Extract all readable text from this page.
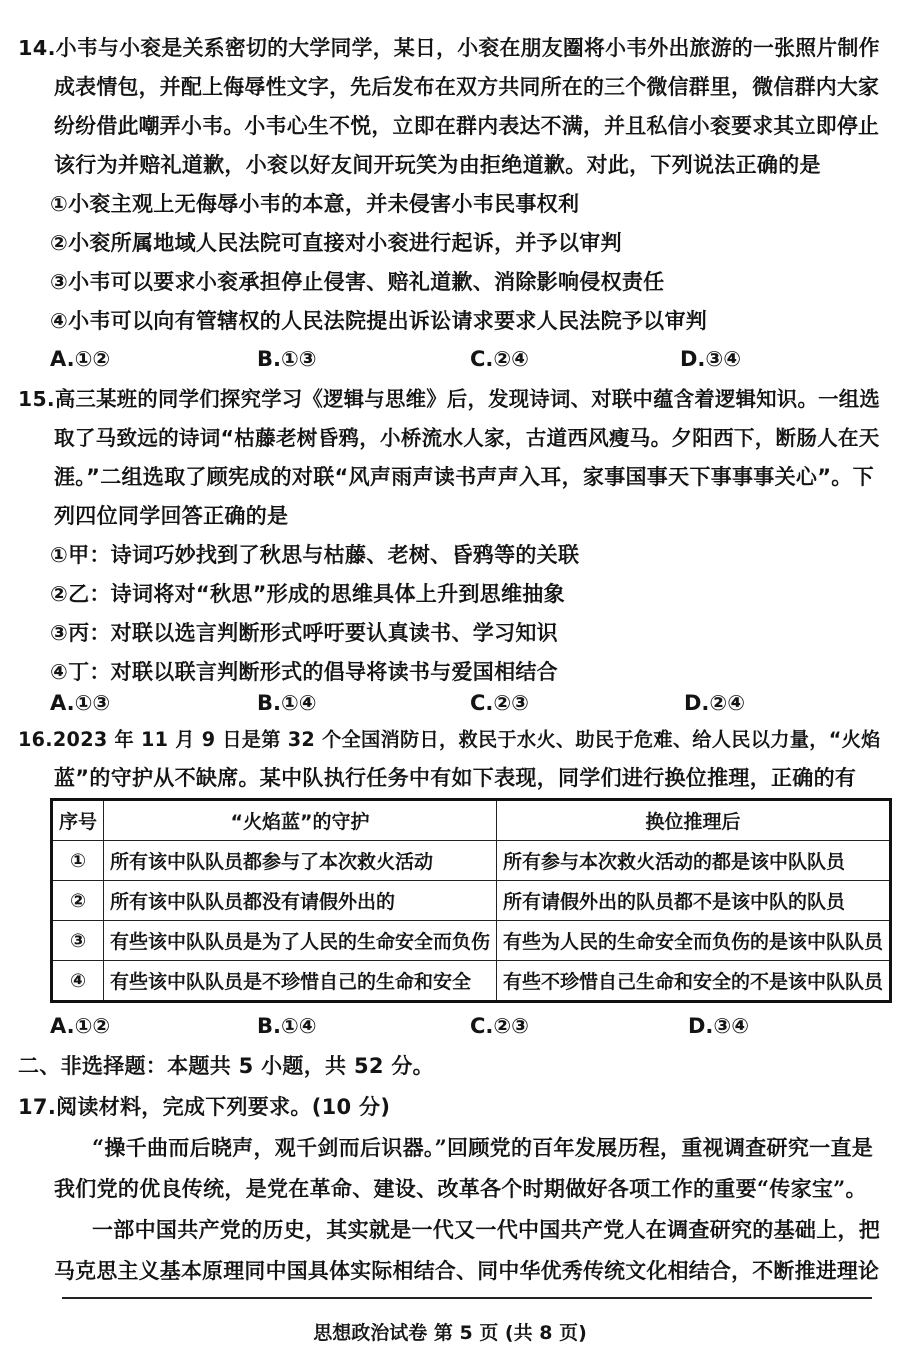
14.小韦与小衮是关系密切的大学同学，某日，小衮在朋友圈将小韦外出旅游的一张照片制作
成表情包，并配上侮辱性文字，先后发布在双方共同所在的三个微信群里，微信群内大家
纷纷借此嘲弄小韦。小韦心生不悦，立即在群内表达不满，并且私信小衮要求其立即停止
该行为并赔礼道歉，小衮以好友间开玩笑为由拒绝道歉。对此，下列说法正确的是
①小衮主观上无侮辱小韦的本意，并未侵害小韦民事权利
②小衮所属地域人民法院可直接对小衮进行起诉，并予以审判
③小韦可以要求小衮承担停止侵害、赔礼道歉、消除影响侵权责任
④小韦可以向有管辖权的人民法院提出诉讼请求要求人民法院予以审判
A.①②	B.①③	C.②④	D.③④
15.高三某班的同学们探究学习《逻辑与思维》后，发现诗词、对联中蕴含着逻辑知识。一组选
取了马致远的诗词“枯藤老树昏鸦，小桥流水人家，古道西风瘦马。夕阳西下，断肠人在天
涯。”二组选取了顾宪成的对联“风声雨声读书声声入耳，家事国事天下事事事关心”。下
列四位同学回答正确的是
①甲：诗词巧妙找到了秋思与枯藤、老树、昏鸦等的关联
②乙：诗词将对“秋思”形成的思维具体上升到思维抽象
③丙：对联以选言判断形式呼吁要认真读书、学习知识
④丁：对联以联言判断形式的倡导将读书与爱国相结合
A.①③	B.①④	C.②③	D.②④
16.2023 年 11 月 9 日是第 32 个全国消防日，救民于水火、助民于危难、给人民以力量，“火焰
蓝”的守护从不缺席。某中队执行任务中有如下表现，同学们进行换位推理，正确的有
序号	“火焰蓝”的守护	换位推理后
①	所有该中队队员都参与了本次救火活动	所有参与本次救火活动的都是该中队队员
②	所有该中队队员都没有请假外出的	所有请假外出的队员都不是该中队的队员
③	有些该中队队员是为了人民的生命安全而负伤	有些为人民的生命安全而负伤的是该中队队员
④	有些该中队队员是不珍惜自己的生命和安全	有些不珍惜自己生命和安全的不是该中队队员
A.①②	B.①④	C.②③	D.③④
二、非选择题：本题共 5 小题，共 52 分。
17.阅读材料，完成下列要求。(10 分)
“操千曲而后晓声，观千剑而后识器。”回顾党的百年发展历程，重视调查研究一直是
我们党的优良传统，是党在革命、建设、改革各个时期做好各项工作的重要“传家宝”。
一部中国共产党的历史，其实就是一代又一代中国共产党人在调查研究的基础上，把
马克思主义基本原理同中国具体实际相结合、同中华优秀传统文化相结合，不断推进理论
思想政治试卷 第 5 页 (共 8 页)
